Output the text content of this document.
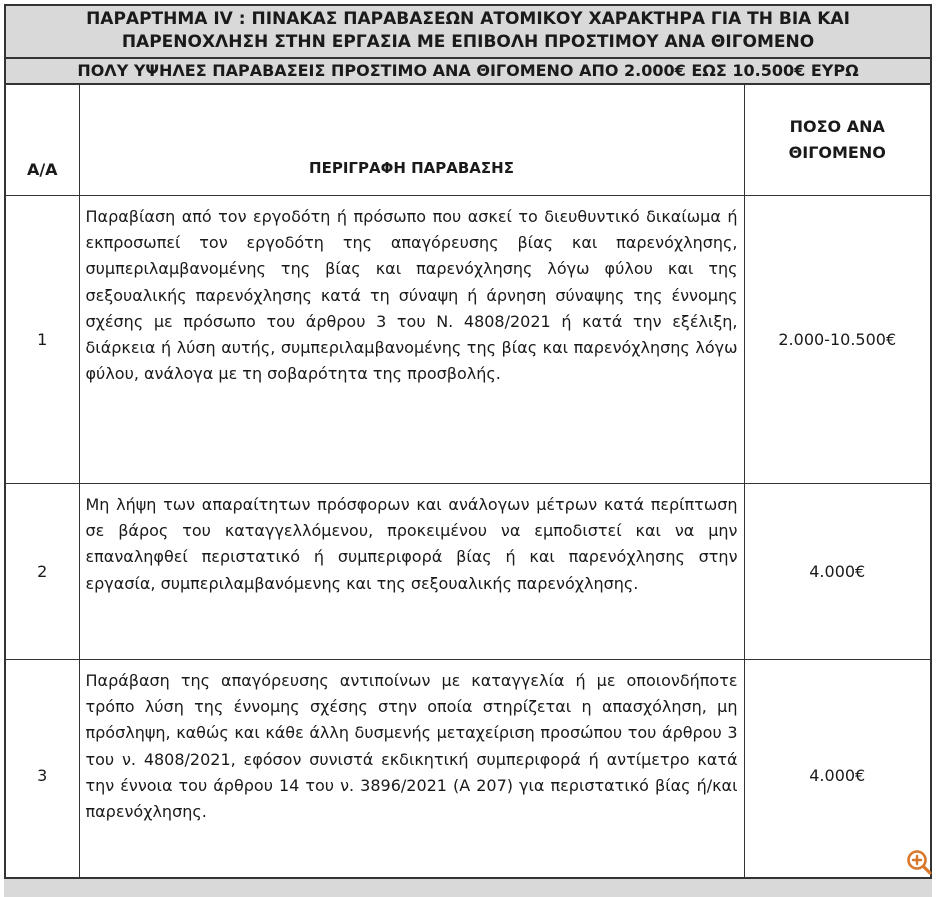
ΠΑΡΑΡΤΗΜΑ IV : ΠΙΝΑΚΑΣ ΠΑΡΑΒΑΣΕΩΝ ΑΤΟΜΙΚΟΥ ΧΑΡΑΚΤΗΡΑ ΓΙΑ ΤΗ ΒΙΑ ΚΑΙ
ΠΑΡΕΝΟΧΛΗΣΗ ΣΤΗΝ ΕΡΓΑΣΙΑ ΜΕ ΕΠΙΒΟΛΗ ΠΡΟΣΤΙΜΟΥ ΑΝΑ ΘΙΓΟΜΕΝΟ
ΠΟΛΥ ΥΨΗΛΕΣ ΠΑΡΑΒΑΣΕΙΣ ΠΡΟΣΤΙΜΟ ΑΝΑ ΘΙΓΟΜΕΝΟ ΑΠΟ 2.000€ ΕΩΣ 10.500€ ΕΥΡΩ
Α/Α	ΠΕΡΙΓΡΑΦΗ ΠΑΡΑΒΑΣΗΣ	ΠΟΣΟ ΑΝΑ ΘΙΓΟΜΕΝΟ

1	Παραβίαση από τον εργοδότη ή πρόσωπο που ασκεί το διευθυντικό δικαίωμα ή εκπροσωπεί τον εργοδότη της απαγόρευσης βίας και παρενόχλησης, συμπεριλαμβανομένης της βίας και παρενόχλησης λόγω φύλου και της σεξουαλικής παρενόχλησης κατά τη σύναψη ή άρνηση σύναψης της έννομης σχέσης με πρόσωπο του άρθρου 3 του Ν. 4808/2021 ή κατά την εξέλιξη, διάρκεια ή λύση αυτής, συμπεριλαμβανομένης της βίας και παρενόχλησης λόγω φύλου, ανάλογα με τη σοβαρότητα της προσβολής.	2.000-10.500€
2	Μη λήψη των απαραίτητων πρόσφορων και ανάλογων μέτρων κατά περίπτωση σε βάρος του καταγγελλόμενου, προκειμένου να εμποδιστεί και να μην επαναληφθεί περιστατικό ή συμπεριφορά βίας ή και παρενόχλησης στην εργασία, συμπεριλαμβανόμενης και της σεξουαλικής παρενόχλησης.	4.000€
3	Παράβαση της απαγόρευσης αντιποίνων με καταγγελία ή με οποιονδήποτε τρόπο λύση της έννομης σχέσης στην οποία στηρίζεται η απασχόληση, μη πρόσληψη, καθώς και κάθε άλλη δυσμενής μεταχείριση προσώπου του άρθρου 3 του ν. 4808/2021, εφόσον συνιστά εκδικητική συμπεριφορά ή αντίμετρο κατά την έννοια του άρθρου 14 του ν. 3896/2021 (Α 207) για περιστατικό βίας ή/και παρενόχλησης.	4.000€
